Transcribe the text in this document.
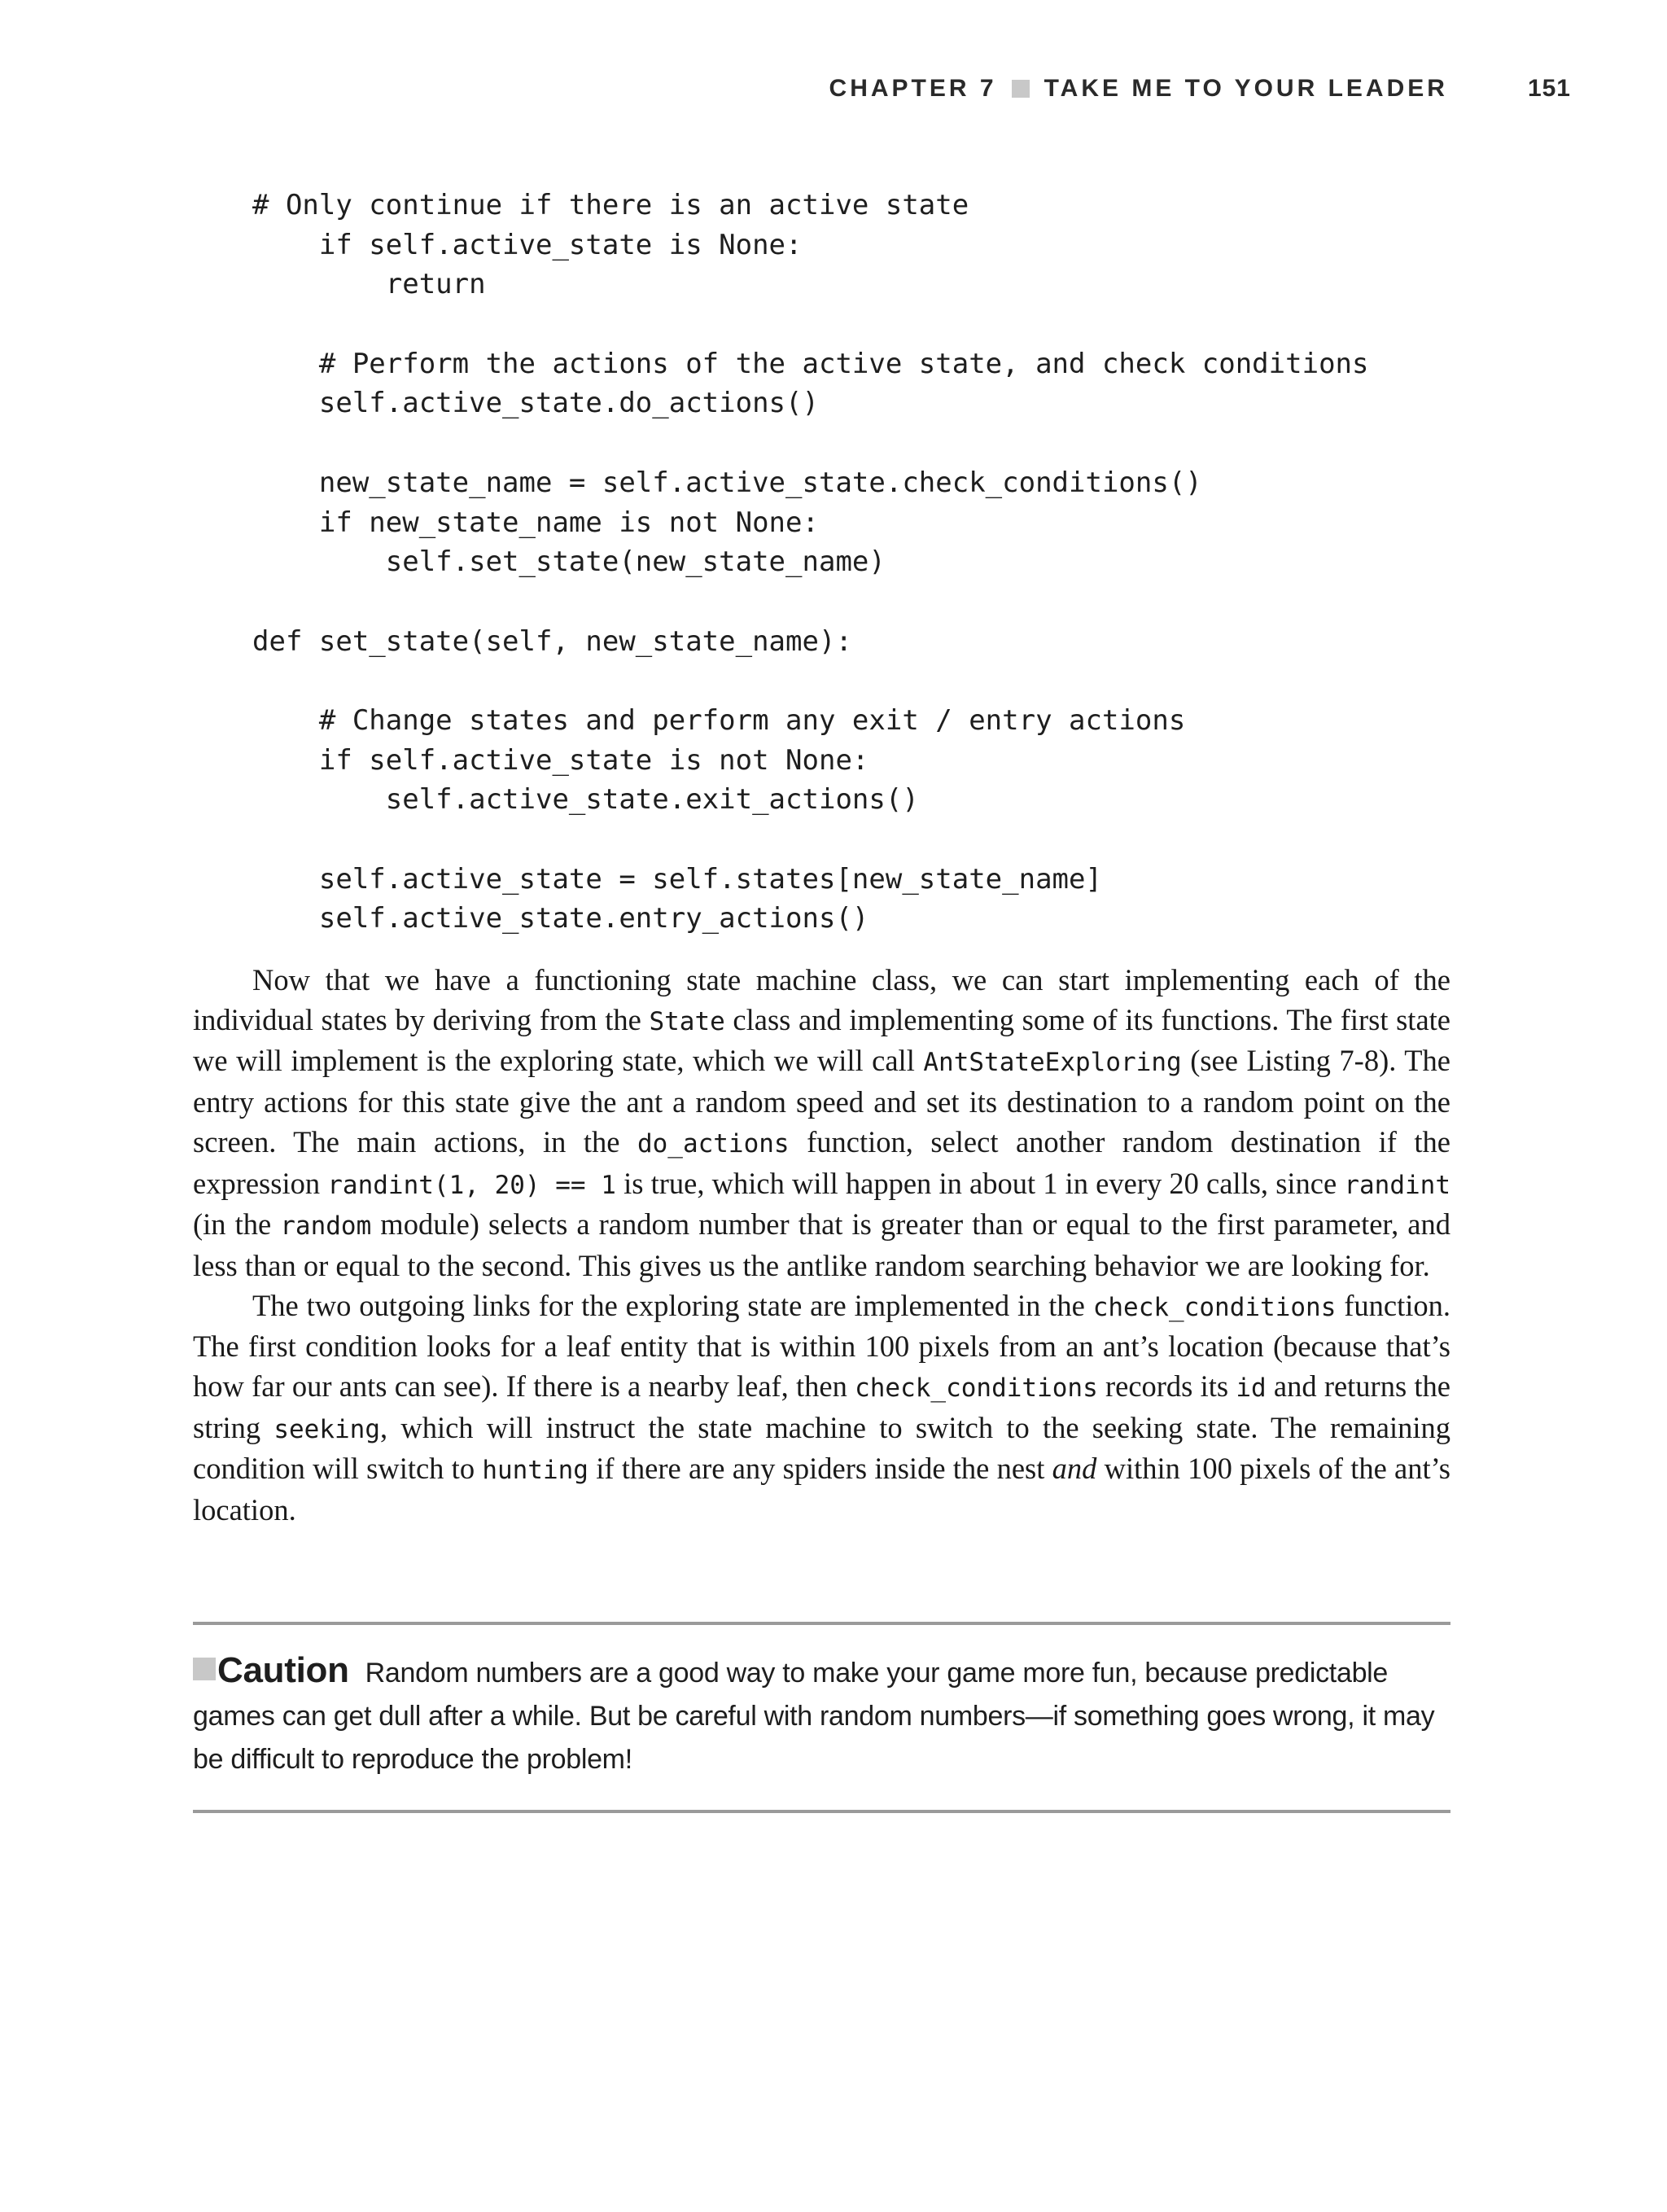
CHAPTER 7 TAKE ME TO YOUR LEADER	151
# Only continue if there is an active state
if self.active_state is None:
return
# Perform the actions of the active state, and check conditions
self.active_state.do_actions()
new_state_name = self.active_state.check_conditions()
if new_state_name is not None:
self.set_state(new_state_name)
def set_state(self, new_state_name):
# Change states and perform any exit / entry actions
if self.active_state is not None:
self.active_state.exit_actions()
self.active_state = self.states[new_state_name]
self.active_state.entry_actions()

Now that we have a functioning state machine class, we can start implementing each of the individual states by deriving from the State class and implementing some of its functions. The first state we will implement is the exploring state, which we will call AntStateExploring (see Listing 7-8). The entry actions for this state give the ant a random speed and set its destination to a random point on the screen. The main actions, in the do_actions function, select another random destination if the expression randint(1, 20) == 1 is true, which will happen in about 1 in every 20 calls, since randint (in the random module) selects a random number that is greater than or equal to the first parameter, and less than or equal to the second. This gives us the antlike random searching behavior we are looking for.

The two outgoing links for the exploring state are implemented in the check_conditions function. The first condition looks for a leaf entity that is within 100 pixels from an ant’s location (because that’s how far our ants can see). If there is a nearby leaf, then check_conditions records its id and returns the string seeking, which will instruct the state machine to switch to the seeking state. The remaining condition will switch to hunting if there are any spiders inside the nest and within 100 pixels of the ant’s location.

Caution Random numbers are a good way to make your game more fun, because predictable games can get dull after a while. But be careful with random numbers—if something goes wrong, it may be difficult to reproduce the problem!
